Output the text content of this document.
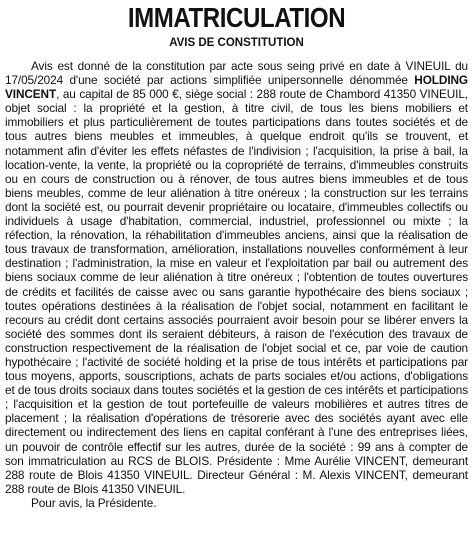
IMMATRICULATION
AVIS DE CONSTITUTION

Avis est donné de la constitution par acte sous seing privé en date à VINEUIL du 17/05/2024 d'une société par actions simplifiée unipersonnelle dénommée HOLDING VINCENT, au capital de 85 000 €, siège social : 288 route de Chambord 41350 VINEUIL, objet social : la propriété et la gestion, à titre civil, de tous les biens mobiliers et immobiliers et plus particulièrement de toutes participations dans toutes sociétés et de tous autres biens meubles et immeubles, à quelque endroit qu'ils se trouvent, et notamment afin d'éviter les effets néfastes de l'indivision ; l'acquisition, la prise à bail, la location-vente, la vente, la propriété ou la copropriété de terrains, d'immeubles construits ou en cours de construction ou à rénover, de tous autres biens immeubles et de tous biens meubles, comme de leur aliénation à titre onéreux ; la construction sur les terrains dont la société est, ou pourrait devenir propriétaire ou locataire, d'immeubles collectifs ou individuels à usage d'habitation, commercial, industriel, professionnel ou mixte ; la réfection, la rénovation, la réhabilitation d'immeubles anciens, ainsi que la réalisation de tous travaux de transformation, amélioration, installations nouvelles conformément à leur destination ; l'administration, la mise en valeur et l'exploitation par bail ou autrement des biens sociaux comme de leur aliénation à titre onéreux ; l'obtention de toutes ouvertures de crédits et facilités de caisse avec ou sans garantie hypothécaire des biens sociaux ; toutes opérations destinées à la réalisation de l'objet social, notamment en facilitant le recours au crédit dont certains associés pourraient avoir besoin pour se libérer envers la société des sommes dont ils seraient débiteurs, à raison de l'exécution des travaux de construction respectivement de la réalisation de l'objet social et ce, par voie de caution hypothécaire ; l'activité de société holding et la prise de tous intérêts et participations par tous moyens, apports, souscriptions, achats de parts sociales et/ou actions, d'obligations et de tous droits sociaux dans toutes sociétés et la gestion de ces intérêts et participations ; l'acquisition et la gestion de tout portefeuille de valeurs mobilières et autres titres de placement ; la réalisation d'opérations de trésorerie avec des sociétés ayant avec elle directement ou indirectement des liens en capital conférant à l'une des entreprises liées, un pouvoir de contrôle effectif sur les autres, durée de la société : 99 ans à compter de son immatriculation au RCS de BLOIS. Présidente : Mme Aurélie VINCENT, demeurant 288 route de Blois 41350 VINEUIL. Directeur Général : M. Alexis VINCENT, demeurant 288 route de Blois 41350 VINEUIL.

Pour avis, la Présidente.
